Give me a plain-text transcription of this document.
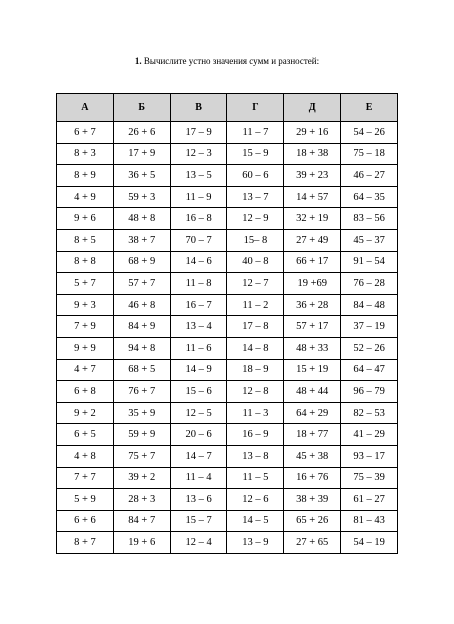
1. Вычислите устно значения сумм и разностей:
А	Б	В	Г	Д	Е
6 + 7	26 + 6	17 – 9	11 – 7	29 + 16	54 – 26
8 + 3	17 + 9	12 – 3	15 – 9	18 + 38	75 – 18
8 + 9	36 + 5	13 – 5	60 – 6	39 + 23	46 – 27
4 + 9	59 + 3	11 – 9	13 – 7	14 + 57	64 – 35
9 + 6	48 + 8	16 – 8	12 – 9	32 + 19	83 – 56
8 + 5	38 + 7	70 – 7	15– 8	27 + 49	45 – 37
8 + 8	68 + 9	14 – 6	40 – 8	66 + 17	91 – 54
5 + 7	57 + 7	11 – 8	12 – 7	19 +69	76 – 28
9 + 3	46 + 8	16 – 7	11 – 2	36 + 28	84 – 48
7 + 9	84 + 9	13 – 4	17 – 8	57 + 17	37 – 19
9 + 9	94 + 8	11 – 6	14 – 8	48 + 33	52 – 26
4 + 7	68 + 5	14 – 9	18 – 9	15 + 19	64 – 47
6 + 8	76 + 7	15 – 6	12 – 8	48 + 44	96 – 79
9 + 2	35 + 9	12 – 5	11 – 3	64 + 29	82 – 53
6 + 5	59 + 9	20 – 6	16 – 9	18 + 77	41 – 29
4 + 8	75 + 7	14 – 7	13 – 8	45 + 38	93 – 17
7 + 7	39 + 2	11 – 4	11 – 5	16 + 76	75 – 39
5 + 9	28 + 3	13 – 6	12 – 6	38 + 39	61 – 27
6 + 6	84 + 7	15 – 7	14 – 5	65 + 26	81 – 43
8 + 7	19 + 6	12 – 4	13 – 9	27 + 65	54 – 19
